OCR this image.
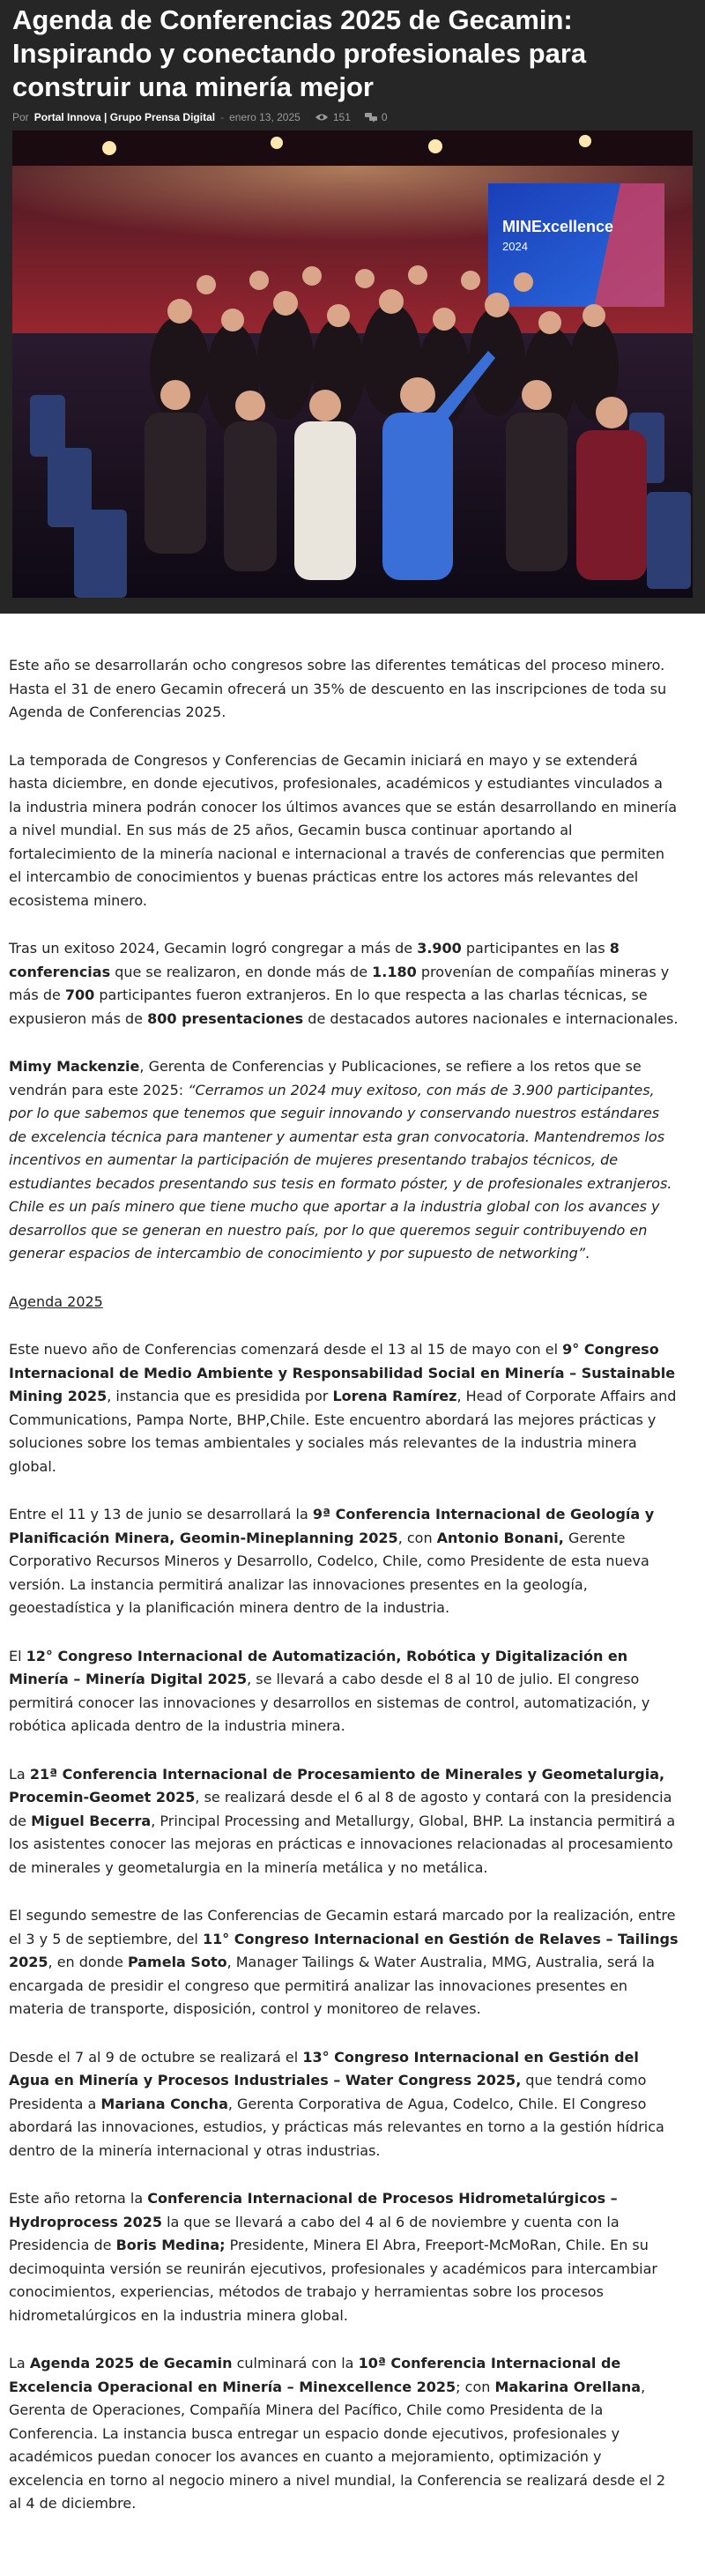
Agenda de Conferencias 2025 de Gecamin: Inspirando y conectando profesionales para construir una minería mejor
Por Portal Innova | Grupo Prensa Digital - enero 13, 2025	151	0
MINExcellence
2024

Este año se desarrollarán ocho congresos sobre las diferentes temáticas del proceso minero. Hasta el 31 de enero Gecamin ofrecerá un 35% de descuento en las inscripciones de toda su Agenda de Conferencias 2025.

La temporada de Congresos y Conferencias de Gecamin iniciará en mayo y se extenderá hasta diciembre, en donde ejecutivos, profesionales, académicos y estudiantes vinculados a la industria minera podrán conocer los últimos avances que se están desarrollando en minería a nivel mundial. En sus más de 25 años, Gecamin busca continuar aportando al fortalecimiento de la minería nacional e internacional a través de conferencias que permiten el intercambio de conocimientos y buenas prácticas entre los actores más relevantes del ecosistema minero.

Tras un exitoso 2024, Gecamin logró congregar a más de 3.900 participantes en las 8 conferencias que se realizaron, en donde más de 1.180 provenían de compañías mineras y más de 700 participantes fueron extranjeros. En lo que respecta a las charlas técnicas, se expusieron más de 800 presentaciones de destacados autores nacionales e internacionales.

Mimy Mackenzie, Gerenta de Conferencias y Publicaciones, se refiere a los retos que se vendrán para este 2025: “Cerramos un 2024 muy exitoso, con más de 3.900 participantes, por lo que sabemos que tenemos que seguir innovando y conservando nuestros estándares de excelencia técnica para mantener y aumentar esta gran convocatoria. Mantendremos los incentivos en aumentar la participación de mujeres presentando trabajos técnicos, de estudiantes becados presentando sus tesis en formato póster, y de profesionales extranjeros. Chile es un país minero que tiene mucho que aportar a la industria global con los avances y desarrollos que se generan en nuestro país, por lo que queremos seguir contribuyendo en generar espacios de intercambio de conocimiento y por supuesto de networking”.

Agenda 2025

Este nuevo año de Conferencias comenzará desde el 13 al 15 de mayo con el 9° Congreso Internacional de Medio Ambiente y Responsabilidad Social en Minería – Sustainable Mining 2025, instancia que es presidida por Lorena Ramírez, Head of Corporate Affairs and Communications, Pampa Norte, BHP,Chile. Este encuentro abordará las mejores prácticas y soluciones sobre los temas ambientales y sociales más relevantes de la industria minera global.

Entre el 11 y 13 de junio se desarrollará la 9ª Conferencia Internacional de Geología y Planificación Minera, Geomin-Mineplanning 2025, con Antonio Bonani, Gerente Corporativo Recursos Mineros y Desarrollo, Codelco, Chile, como Presidente de esta nueva versión. La instancia permitirá analizar las innovaciones presentes en la geología, geoestadística y la planificación minera dentro de la industria.

El 12° Congreso Internacional de Automatización, Robótica y Digitalización en Minería – Minería Digital 2025, se llevará a cabo desde el 8 al 10 de julio. El congreso permitirá conocer las innovaciones y desarrollos en sistemas de control, automatización, y robótica aplicada dentro de la industria minera.

La 21ª Conferencia Internacional de Procesamiento de Minerales y Geometalurgia, Procemin-Geomet 2025, se realizará desde el 6 al 8 de agosto y contará con la presidencia de Miguel Becerra, Principal Processing and Metallurgy, Global, BHP. La instancia permitirá a los asistentes conocer las mejoras en prácticas e innovaciones relacionadas al procesamiento de minerales y geometalurgia en la minería metálica y no metálica.

El segundo semestre de las Conferencias de Gecamin estará marcado por la realización, entre el 3 y 5 de septiembre, del 11° Congreso Internacional en Gestión de Relaves – Tailings 2025, en donde Pamela Soto, Manager Tailings & Water Australia, MMG, Australia, será la encargada de presidir el congreso que permitirá analizar las innovaciones presentes en materia de transporte, disposición, control y monitoreo de relaves.

Desde el 7 al 9 de octubre se realizará el 13° Congreso Internacional en Gestión del Agua en Minería y Procesos Industriales – Water Congress 2025, que tendrá como Presidenta a Mariana Concha, Gerenta Corporativa de Agua, Codelco, Chile. El Congreso abordará las innovaciones, estudios, y prácticas más relevantes en torno a la gestión hídrica dentro de la minería internacional y otras industrias.

Este año retorna la Conferencia Internacional de Procesos Hidrometalúrgicos – Hydroprocess 2025 la que se llevará a cabo del 4 al 6 de noviembre y cuenta con la Presidencia de Boris Medina; Presidente, Minera El Abra, Freeport-McMoRan, Chile. En su decimoquinta versión se reunirán ejecutivos, profesionales y académicos para intercambiar conocimientos, experiencias, métodos de trabajo y herramientas sobre los procesos hidrometalúrgicos en la industria minera global.

La Agenda 2025 de Gecamin culminará con la 10ª Conferencia Internacional de Excelencia Operacional en Minería – Minexcellence 2025; con Makarina Orellana, Gerenta de Operaciones, Compañía Minera del Pacífico, Chile como Presidenta de la Conferencia. La instancia busca entregar un espacio donde ejecutivos, profesionales y académicos puedan conocer los avances en cuanto a mejoramiento, optimización y excelencia en torno al negocio minero a nivel mundial, la Conferencia se realizará desde el 2 al 4 de diciembre.
